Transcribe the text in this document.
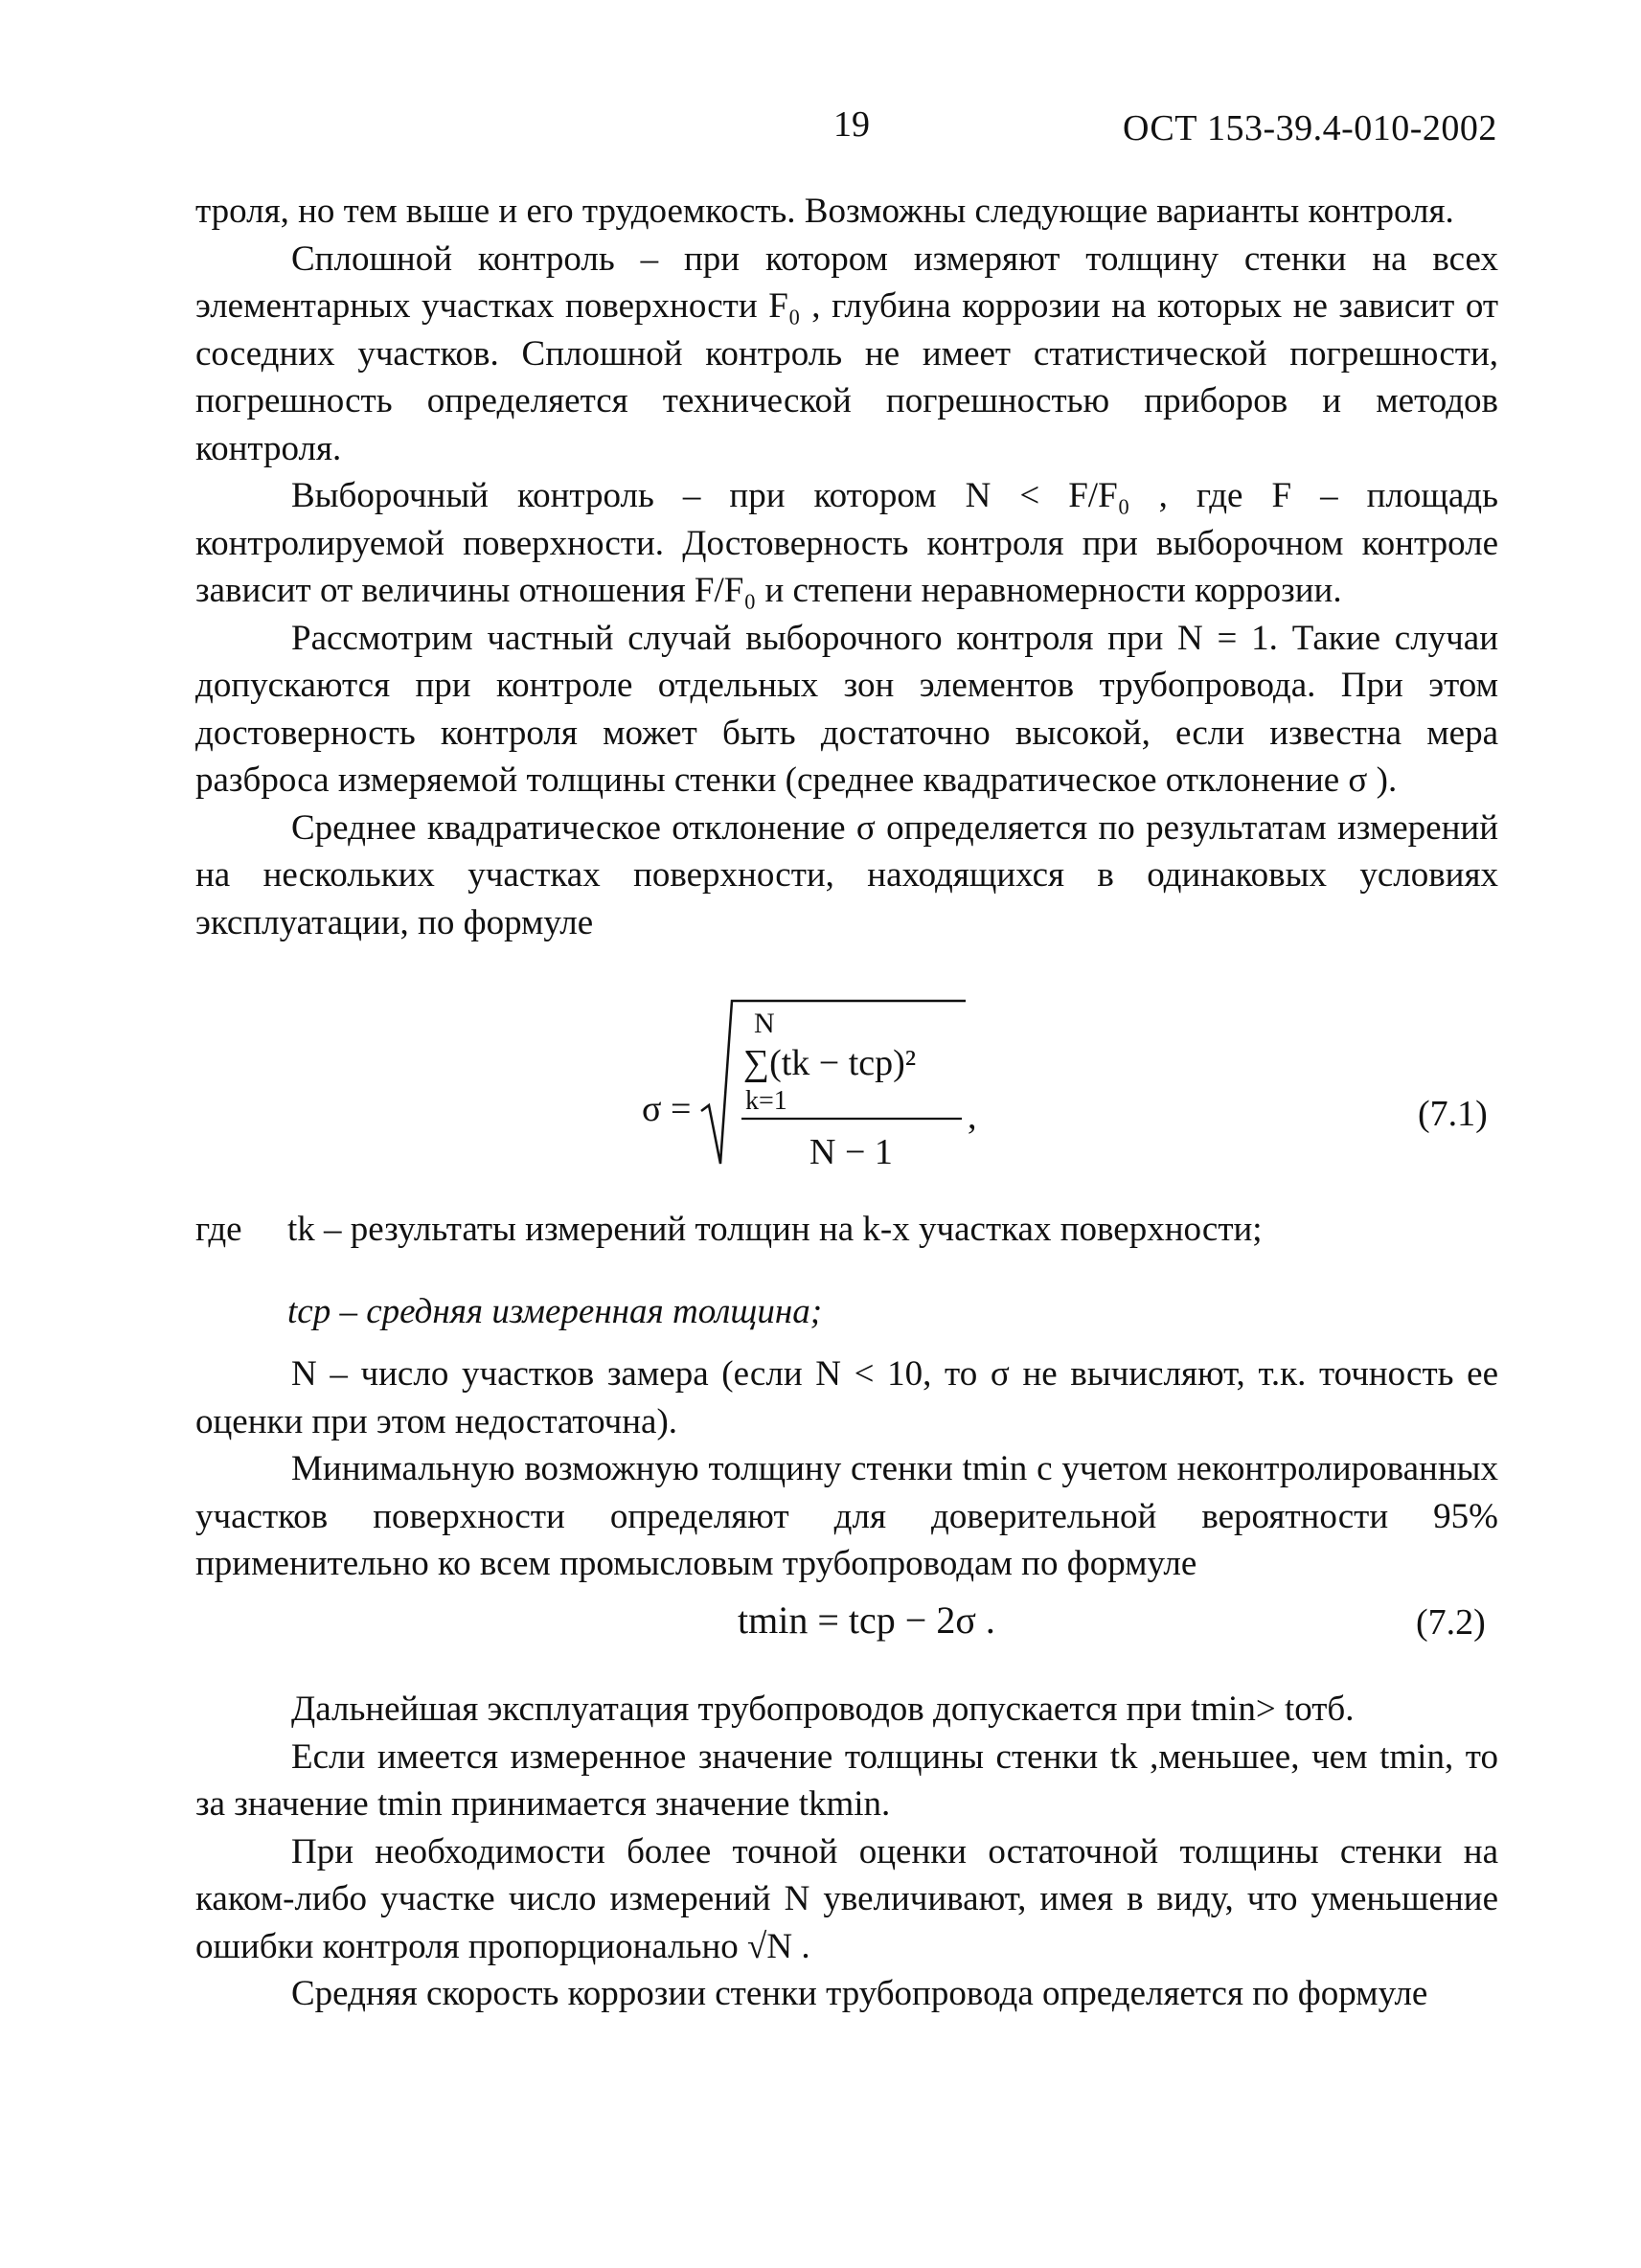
19	ОСТ 153-39.4-010-2002

троля, но тем выше и его трудоемкость. Возможны следующие варианты контроля.

Сплошной контроль – при котором измеряют толщину стенки на всех элементарных участках поверхности F₀ , глубина коррозии на которых не зависит от соседних участков. Сплошной контроль не имеет статистической погрешности, погрешность определяется технической погрешностью приборов и методов контроля.

Выборочный контроль – при котором N < F/F₀ , где F – площадь контролируемой поверхности. Достоверность контроля при выборочном контроле зависит от величины отношения F/F₀ и степени неравномерности коррозии.

Рассмотрим частный случай выборочного контроля при N = 1. Такие случаи допускаются при контроле отдельных зон элементов трубопровода. При этом достоверность контроля может быть достаточно высокой, если известна мера разброса измеряемой толщины стенки (среднее квадратическое отклонение σ ).

Среднее квадратическое отклонение σ определяется по результатам измерений на нескольких участках поверхности, находящихся в одинаковых условиях эксплуатации, по формуле

σ =
N
∑(tk − tср)²
k=1
N − 1
,	(7.1)
где tk – результаты измерений толщин на k-х участках поверхности;
tср – средняя измеренная толщина;

N – число участков замера (если N < 10, то σ не вычисляют, т.к. точность ее оценки при этом недостаточна).

Минимальную возможную толщину стенки tmin с учетом неконтролированных участков поверхности определяют для доверительной вероятности 95% применительно ко всем промысловым трубопроводам по формуле

tmin = tср − 2σ .	(7.2)

Дальнейшая эксплуатация трубопроводов допускается при tmin> tотб.

Если имеется измеренное значение толщины стенки tk ,меньшее, чем tmin, то за значение tmin принимается значение tkmin.

При необходимости более точной оценки остаточной толщины стенки на каком-либо участке число измерений N увеличивают, имея в виду, что уменьшение ошибки контроля пропорционально √N .

Средняя скорость коррозии стенки трубопровода определяется по формуле
